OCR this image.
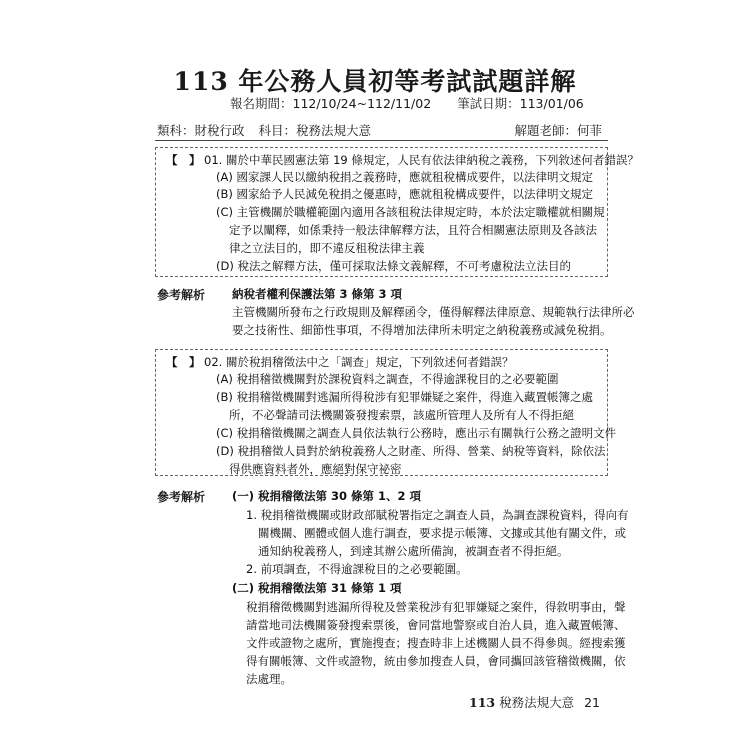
113 年公務人員初等考試試題詳解
報名期間：112/10/24~112/11/02 筆試日期：113/01/06
類科：財稅行政 科目：稅務法規大意	解題老師：何菲
【　】 01. 關於中華民國憲法第 19 條規定，人民有依法律納稅之義務，下列敘述何者錯誤？
(A) 國家課人民以繳納稅捐之義務時，應就租稅構成要件，以法律明文規定
(B) 國家給予人民減免稅捐之優惠時，應就租稅構成要件，以法律明文規定
(C) 主管機關於職權範圍內適用各該租稅法律規定時，本於法定職權就相關規
定予以闡釋，如係秉持一般法律解釋方法，且符合相關憲法原則及各該法
律之立法目的，即不違反租稅法律主義
(D) 稅法之解釋方法，僅可採取法條文義解釋，不可考慮稅法立法目的
參考解析 納稅者權利保護法第 3 條第 3 項
主管機關所發布之行政規則及解釋函令，僅得解釋法律原意、規範執行法律所必
要之技術性、細節性事項，不得增加法律所未明定之納稅義務或減免稅捐。
【　】 02. 關於稅捐稽徵法中之「調查」規定，下列敘述何者錯誤？
(A) 稅捐稽徵機關對於課稅資料之調查，不得逾課稅目的之必要範圍
(B) 稅捐稽徵機關對逃漏所得稅涉有犯罪嫌疑之案件，得進入藏置帳簿之處
所，不必聲請司法機關簽發搜索票，該處所管理人及所有人不得拒絕
(C) 稅捐稽徵機關之調查人員依法執行公務時，應出示有關執行公務之證明文件
(D) 稅捐稽徵人員對於納稅義務人之財產、所得、營業、納稅等資料，除依法
得供應資料者外，應絕對保守祕密
參考解析 (一) 稅捐稽徵法第 30 條第 1、2 項
1. 稅捐稽徵機關或財政部賦稅署指定之調查人員，為調查課稅資料，得向有
關機關、團體或個人進行調查，要求提示帳簿、文據或其他有關文件，或
通知納稅義務人，到達其辦公處所備詢，被調查者不得拒絕。
2. 前項調查，不得逾課稅目的之必要範圍。
(二) 稅捐稽徵法第 31 條第 1 項
稅捐稽徵機關對逃漏所得稅及營業稅涉有犯罪嫌疑之案件，得敘明事由，聲
請當地司法機關簽發搜索票後，會同當地警察或自治人員，進入藏置帳簿、
文件或證物之處所，實施搜查；搜查時非上述機關人員不得參與。經搜索獲
得有關帳簿、文件或證物，統由參加搜查人員，會同攜回該管稽徵機關，依
法處理。
113 稅務法規大意 21
